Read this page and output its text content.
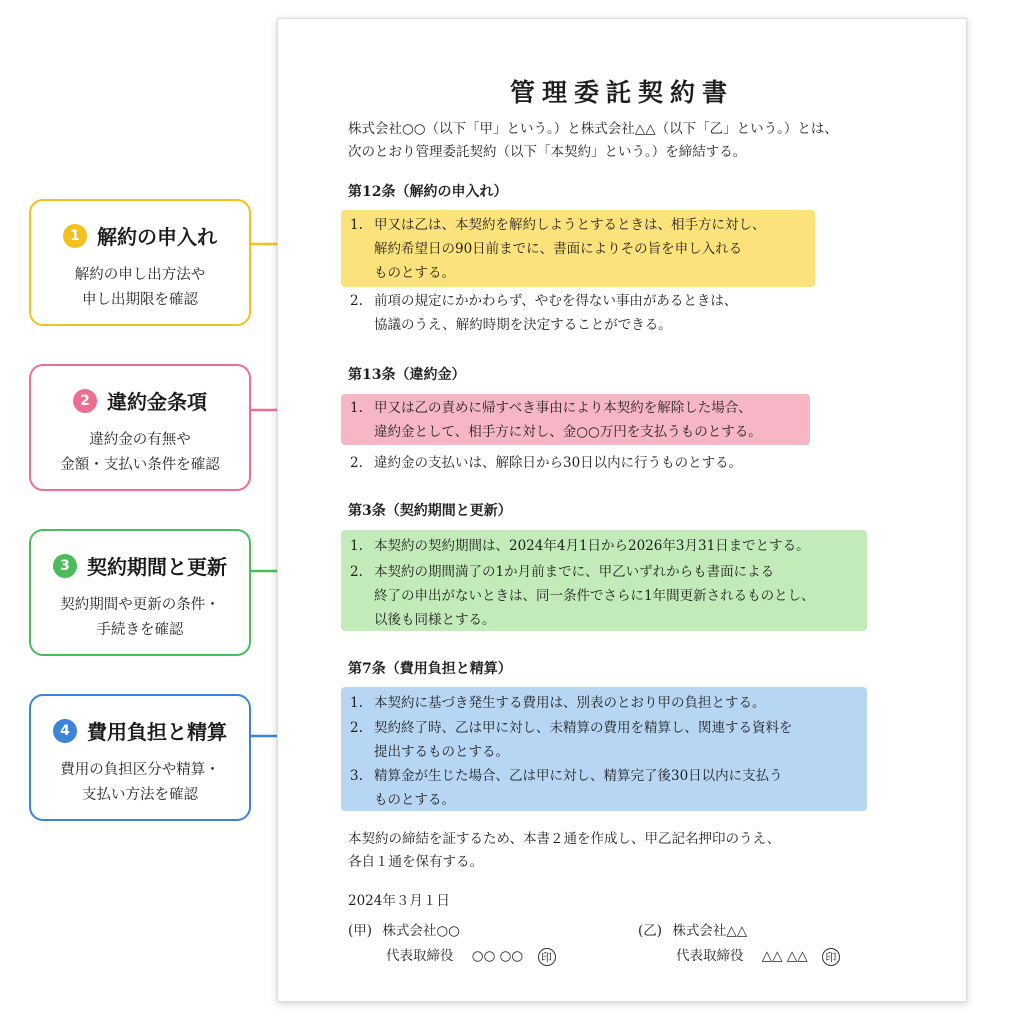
1 解約の申入れ
解約の申し出方法や
申し出期限を確認
2 違約金条項
違約金の有無や
金額・支払い条件を確認
3 契約期間と更新
契約期間や更新の条件・
手続きを確認
4 費用負担と精算
費用の負担区分や精算・
支払い方法を確認
管理委託契約書
株式会社○○（以下「甲」という。）と株式会社△△（以下「乙」という。）とは、
次のとおり管理委託契約（以下「本契約」という。）を締結する。
第12条（解約の申入れ）
1. 甲又は乙は、本契約を解約しようとするときは、相手方に対し、
解約希望日の90日前までに、書面によりその旨を申し入れる
ものとする。
2. 前項の規定にかかわらず、やむを得ない事由があるときは、
協議のうえ、解約時期を決定することができる。
第13条（違約金）
1. 甲又は乙の責めに帰すべき事由により本契約を解除した場合、
違約金として、相手方に対し、金○○万円を支払うものとする。
2. 違約金の支払いは、解除日から30日以内に行うものとする。
第3条（契約期間と更新）
1. 本契約の契約期間は、2024年4月1日から2026年3月31日までとする。
2. 本契約の期間満了の1か月前までに、甲乙いずれからも書面による
終了の申出がないときは、同一条件でさらに1年間更新されるものとし、
以後も同様とする。
第7条（費用負担と精算）
1. 本契約に基づき発生する費用は、別表のとおり甲の負担とする。
2. 契約終了時、乙は甲に対し、未精算の費用を精算し、関連する資料を
提出するものとする。
3. 精算金が生じた場合、乙は甲に対し、精算完了後30日以内に支払う
ものとする。
本契約の締結を証するため、本書２通を作成し、甲乙記名押印のうえ、
各自１通を保有する。
2024年３月１日
(甲) 株式会社○○
代表取締役 ○○ ○○ 印
(乙) 株式会社△△
代表取締役 △△ △△ 印
